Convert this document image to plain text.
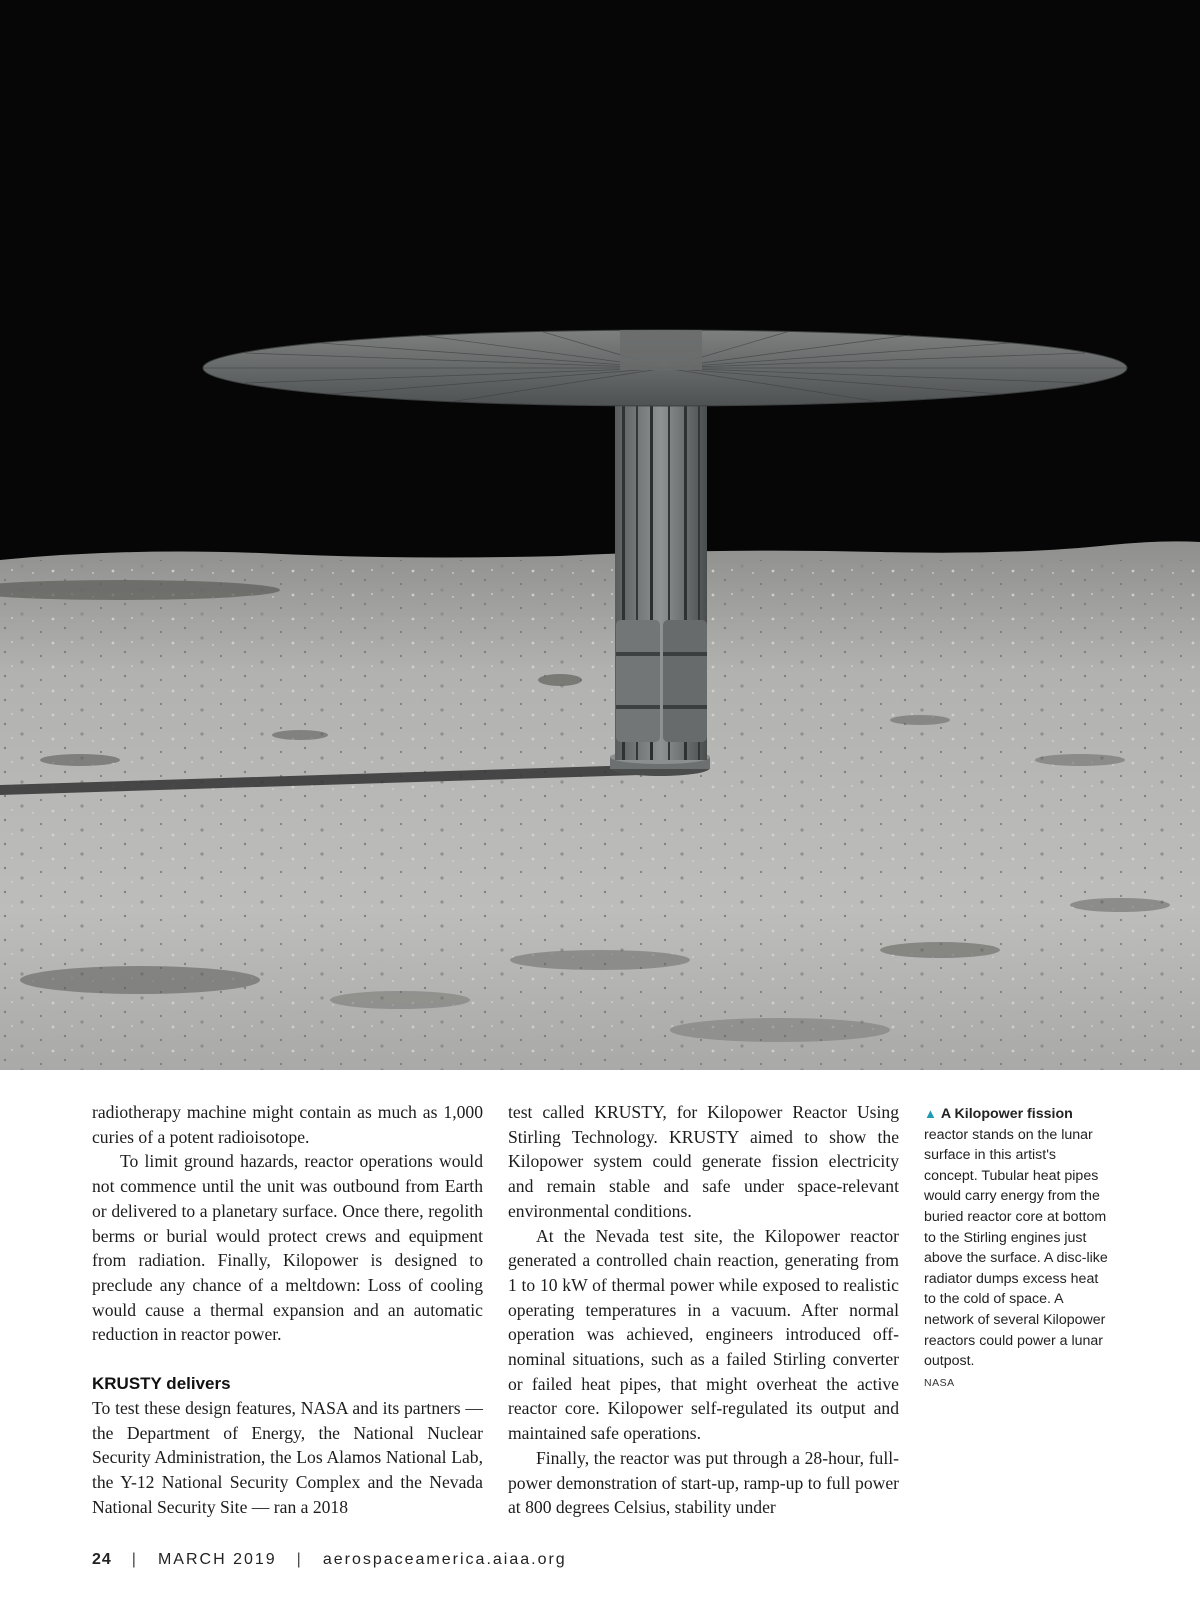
radiotherapy machine might contain as much as 1,000 curies of a potent radioisotope.

To limit ground hazards, reactor operations would not commence until the unit was outbound from Earth or delivered to a planetary surface. Once there, regolith berms or burial would protect crews and equipment from radiation. Finally, Kilopower is designed to preclude any chance of a meltdown: Loss of cooling would cause a thermal expansion and an automatic reduction in reactor power.

KRUSTY delivers

To test these design features, NASA and its partners — the Department of Energy, the National Nuclear Security Administration, the Los Alamos National Lab, the Y-12 National Security Complex and the Nevada National Security Site — ran a 2018

test called KRUSTY, for Kilopower Reactor Using Stirling Technology. KRUSTY aimed to show the Kilopower system could generate fission electricity and remain stable and safe under space-relevant environmental conditions.

At the Nevada test site, the Kilopower reactor generated a controlled chain reaction, generating from 1 to 10 kW of thermal power while exposed to realistic operating temperatures in a vacuum. After normal operation was achieved, engineers introduced off-nominal situations, such as a failed Stirling converter or failed heat pipes, that might overheat the active reactor core. Kilopower self-regulated its output and maintained safe operations.

Finally, the reactor was put through a 28-hour, full-power demonstration of start-up, ramp-up to full power at 800 degrees Celsius, stability under

▲ A Kilopower fission reactor stands on the lunar surface in this artist's concept. Tubular heat pipes would carry energy from the buried reactor core at bottom to the Stirling engines just above the surface. A disc-like radiator dumps excess heat to the cold of space. A network of several Kilopower reactors could power a lunar outpost.
NASA
24 | MARCH 2019 | aerospaceamerica.aiaa.org
